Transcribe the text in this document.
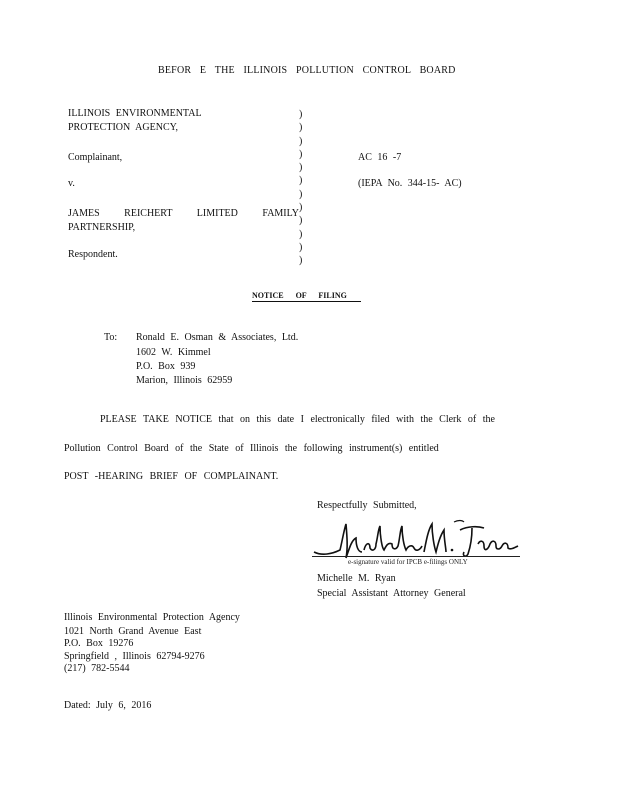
BEFOR E THE ILLINOIS POLLUTION CONTROL BOARD
ILLINOIS ENVIRONMENTAL
PROTECTION AGENCY,
Complainant,
v.
JAMES REICHERT LIMITED FAMILY
PARTNERSHIP,
Respondent.
)
)
)
)
)
)
)
)
)
)
)
)
AC 16 -7
(IEPA No. 344-15- AC)
NOTICE OF FILING
To: Ronald E. Osman & Associates, Ltd.
1602 W. Kimmel
P.O. Box 939
Marion, Illinois 62959
PLEASE TAKE NOTICE that on this date I electronically filed with the Clerk of the
Pollution Control Board of the State of Illinois the following instrument(s) entitled
POST -HEARING BRIEF OF COMPLAINANT.
Respectfully Submitted,
e-signature valid for IPCB e-filings ONLY
Michelle M. Ryan
Special Assistant Attorney General
Illinois Environmental Protection Agency
1021 North Grand Avenue East
P.O. Box 19276
Springfield , Illinois 62794-9276
(217) 782-5544
Dated: July 6, 2016
